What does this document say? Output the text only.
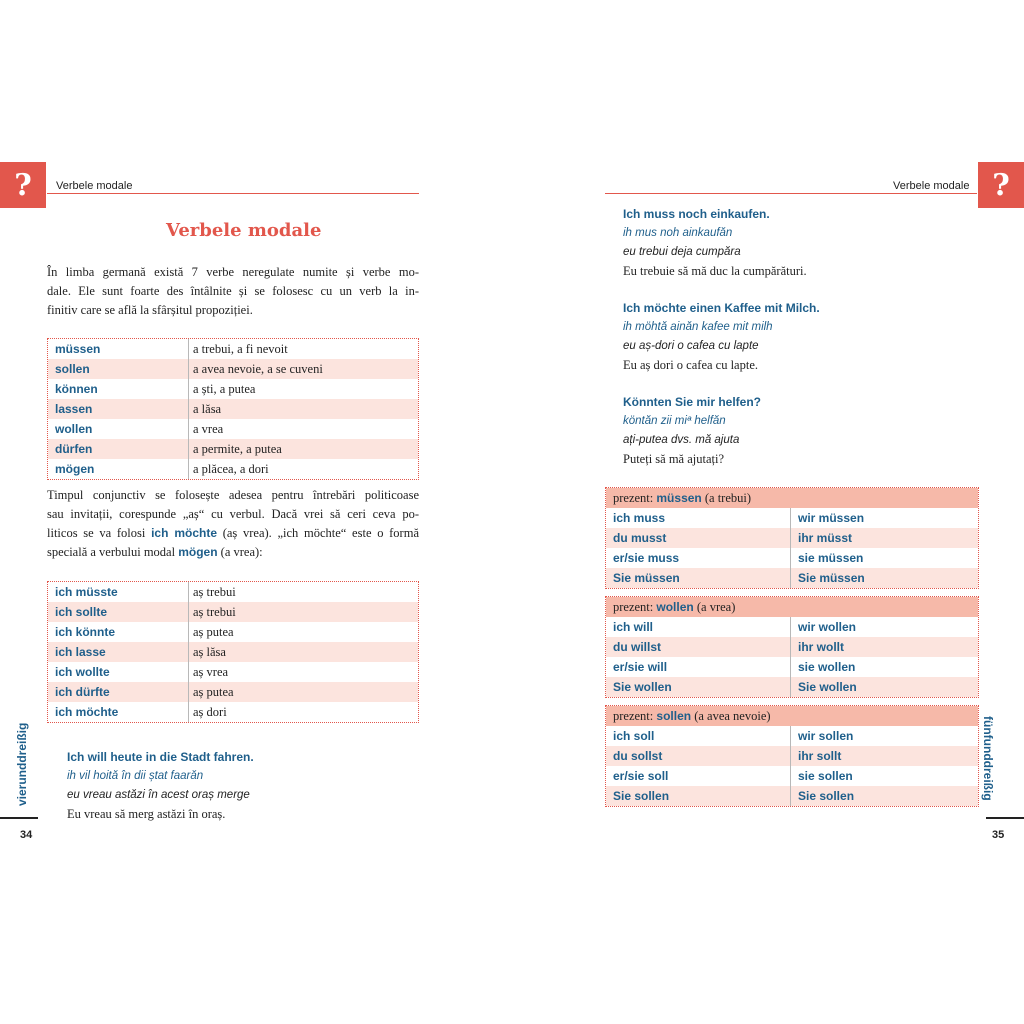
?	Verbele modale
Verbele modale
În limba germană există 7 verbe neregulate numite și verbe mo-
dale. Ele sunt foarte des întâlnite și se folosesc cu un verb la in-
finitiv care se află la sfârșitul propoziției.
müssen	a trebui, a fi nevoit
sollen	a avea nevoie, a se cuveni
können	a ști, a putea
lassen	a lăsa
wollen	a vrea
dürfen	a permite, a putea
mögen	a plăcea, a dori
Timpul conjunctiv se folosește adesea pentru întrebări politicoase
sau invitații, corespunde „aș“ cu verbul. Dacă vrei să ceri ceva po-
liticos se va folosi ich möchte (aș vrea). „ich möchte“ este o formă
specială a verbului modal mögen (a vrea):
ich müsste	aș trebui
ich sollte	aș trebui
ich könnte	aș putea
ich lasse	aș lăsa
ich wollte	aș vrea
ich dürfte	aș putea
ich möchte	aș dori
Ich will heute in die Stadt fahren.
ih vil hoită în dii ștat faarăn
eu vreau astăzi în acest oraș merge
Eu vreau să merg astăzi în oraș.
vierunddreißig
34
?
Verbele modale
Ich muss noch einkaufen.
ih mus noh ainkaufăn
eu trebui deja cumpăra
Eu trebuie să mă duc la cumpărături.
Ich möchte einen Kaffee mit Milch.
ih möhtă ainăn kafee mit milh
eu aș-dori o cafea cu lapte
Eu aș dori o cafea cu lapte.
Könnten Sie mir helfen?
köntăn zii miª helfăn
ați-putea dvs. mă ajuta
Puteți să mă ajutați?
prezent: müssen (a trebui)
ich muss	wir müssen
du musst	ihr müsst
er/sie muss	sie müssen
Sie müssen	Sie müssen
prezent: wollen (a vrea)
ich will	wir wollen
du willst	ihr wollt
er/sie will	sie wollen
Sie wollen	Sie wollen
prezent: sollen (a avea nevoie)
ich soll	wir sollen
du sollst	ihr sollt
er/sie soll	sie sollen
Sie sollen	Sie sollen	fünfunddreißig
35
